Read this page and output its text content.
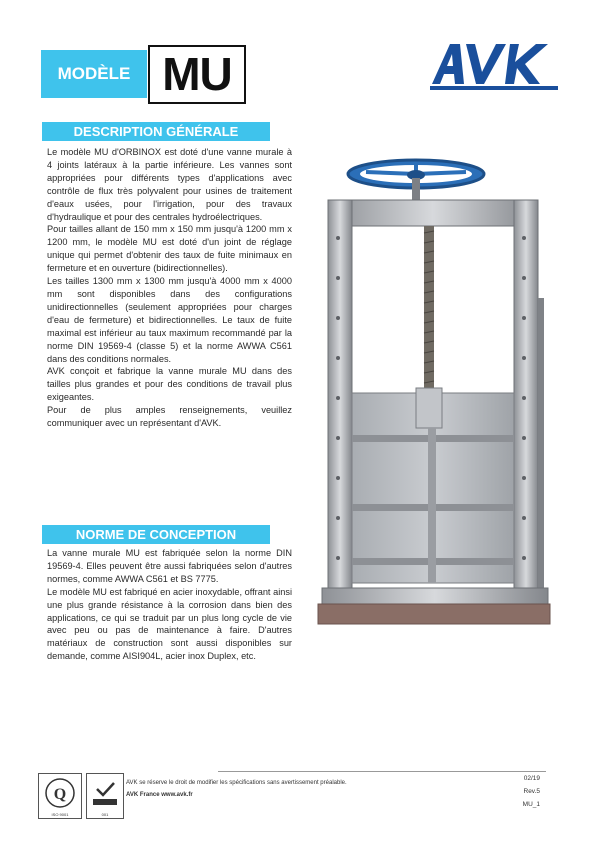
MODÈLE MU
AVK
DESCRIPTION GÉNÉRALE

Le modèle MU d'ORBINOX est doté d'une vanne murale à 4 joints latéraux à la partie inférieure. Les vannes sont appropriées pour différents types d'applications avec contrôle de flux très polyvalent pour usines de traitement d'eaux usées, pour l'irrigation, pour des travaux d'hydraulique et pour des centrales hydroélectriques.

Pour tailles allant de 150 mm x 150 mm jusqu'à 1200 mm x 1200 mm, le modèle MU est doté d'un joint de réglage unique qui permet d'obtenir des taux de fuite minimaux en fermeture et en ouverture (bidirectionnelles).

Les tailles 1300 mm x 1300 mm jusqu'à 4000 mm x 4000 mm sont disponibles dans des configurations unidirectionnelles (seulement appropriées pour charges d'eau de fermeture) et bidirectionnelles. Le taux de fuite maximal est inférieur au taux maximum recommandé par la norme DIN 19569-4 (classe 5) et la norme AWWA C561 dans des conditions normales.

AVK conçoit et fabrique la vanne murale MU dans des tailles plus grandes et pour des conditions de travail plus exigeantes.

Pour de plus amples renseignements, veuillez communiquer avec un représentant d'AVK.

NORME DE CONCEPTION

La vanne murale MU est fabriquée selon la norme DIN 19569-4. Elles peuvent être aussi fabriquées selon d'autres normes, comme AWWA C561 et BS 7775.

Le modèle MU est fabriqué en acier inoxydable, offrant ainsi une plus grande résistance à la corrosion dans bien des applications, ce qui se traduit par un plus long cycle de vie avec peu ou pas de maintenance à faire. D'autres matériaux de construction sont aussi disponibles sur demande, comme AISI904L, acier inox Duplex, etc.

Q
ISO 9001	001
AVK se réserve le droit de modifier les spécifications sans avertissement préalable.
AVK France www.avk.fr
02/19
Rev.5
MU_1
